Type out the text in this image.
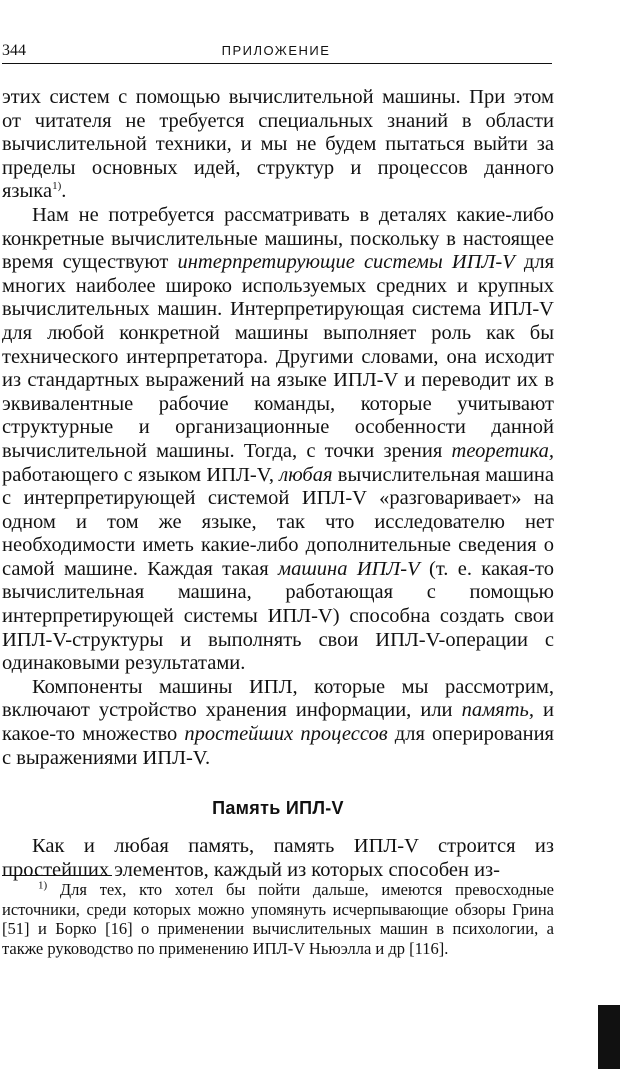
344	ПРИЛОЖЕНИЕ

этих систем с помощью вычислительной машины. При этом от читателя не требуется специальных знаний в области вычислительной техники, и мы не будем пытаться выйти за пределы основных идей, структур и процессов данного языка$^{1)}$.

Нам не потребуется рассматривать в деталях какие-либо конкретные вычислительные машины, поскольку в настоящее время существуют интерпретирующие системы ИПЛ-V для многих наиболее широко используемых средних и крупных вычислительных машин. Интерпретирующая система ИПЛ-V для любой конкретной машины выполняет роль как бы технического интерпретатора. Другими словами, она исходит из стандартных выражений на языке ИПЛ-V и переводит их в эквивалентные рабочие команды, которые учитывают структурные и организационные особенности данной вычислительной машины. Тогда, с точки зрения теоретика, работающего с языком ИПЛ-V, любая вычислительная машина с интерпретирующей системой ИПЛ-V «разговаривает» на одном и том же языке, так что исследователю нет необходимости иметь какие-либо дополнительные сведения о самой машине. Каждая такая машина ИПЛ-V (т. е. какая-то вычислительная машина, работающая с помощью интерпретирующей системы ИПЛ-V) способна создать свои ИПЛ-V-структуры и выполнять свои ИПЛ-V-операции с одинаковыми результатами.

Компоненты машины ИПЛ, которые мы рассмотрим, включают устройство хранения информации, или память, и какое-то множество простейших процессов для оперирования с выражениями ИПЛ-V.

Память ИПЛ-V

Как и любая память, память ИПЛ-V строится из простейших элементов, каждый из которых способен из-

$^{1)}$ Для тех, кто хотел бы пойти дальше, имеются превосходные источники, среди которых можно упомянуть исчерпывающие обзоры Грина [51] и Борко [16] о применении вычислительных машин в психологии, а также руководство по применению ИПЛ-V Ньюэлла и др [116].
